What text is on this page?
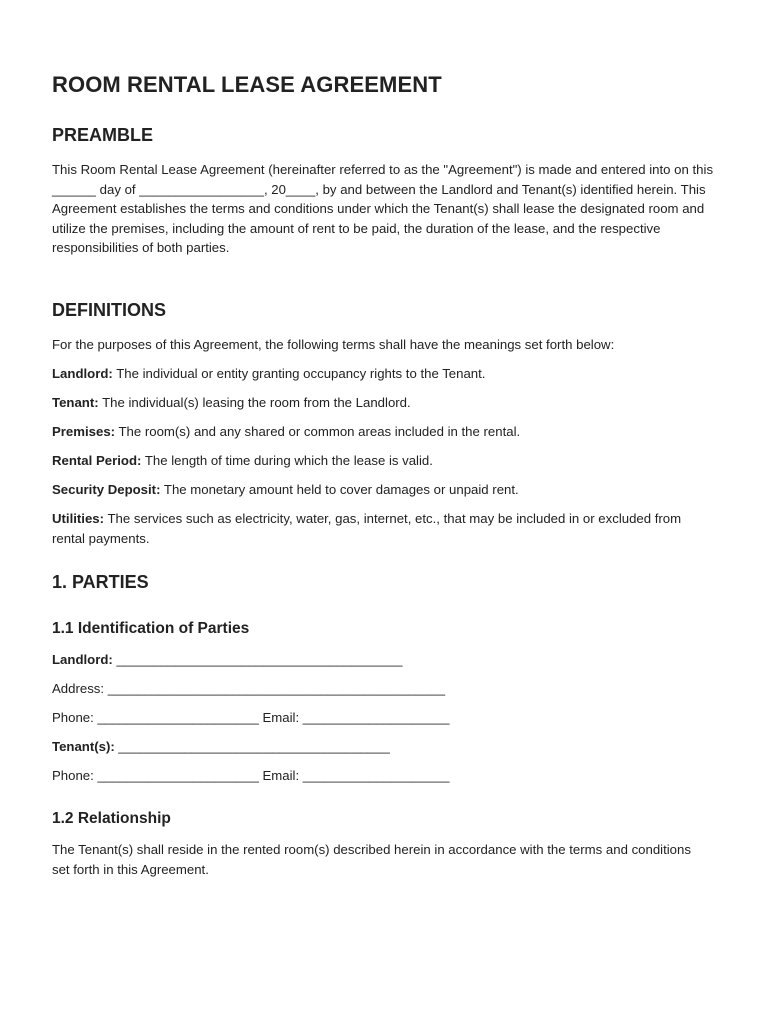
ROOM RENTAL LEASE AGREEMENT
PREAMBLE

This Room Rental Lease Agreement (hereinafter referred to as the "Agreement") is made and entered into on this ______ day of _________________, 20____, by and between the Landlord and Tenant(s) identified herein. This Agreement establishes the terms and conditions under which the Tenant(s) shall lease the designated room and utilize the premises, including the amount of rent to be paid, the duration of the lease, and the respective responsibilities of both parties.

DEFINITIONS

For the purposes of this Agreement, the following terms shall have the meanings set forth below:

Landlord: The individual or entity granting occupancy rights to the Tenant.

Tenant: The individual(s) leasing the room from the Landlord.

Premises: The room(s) and any shared or common areas included in the rental.

Rental Period: The length of time during which the lease is valid.

Security Deposit: The monetary amount held to cover damages or unpaid rent.

Utilities: The services such as electricity, water, gas, internet, etc., that may be included in or excluded from rental payments.

1. PARTIES
1.1 Identification of Parties

Landlord: _______________________________________

Address: ______________________________________________

Phone: ______________________ Email: ____________________

Tenant(s): _____________________________________

Phone: ______________________ Email: ____________________

1.2 Relationship

The Tenant(s) shall reside in the rented room(s) described herein in accordance with the terms and conditions set forth in this Agreement.
